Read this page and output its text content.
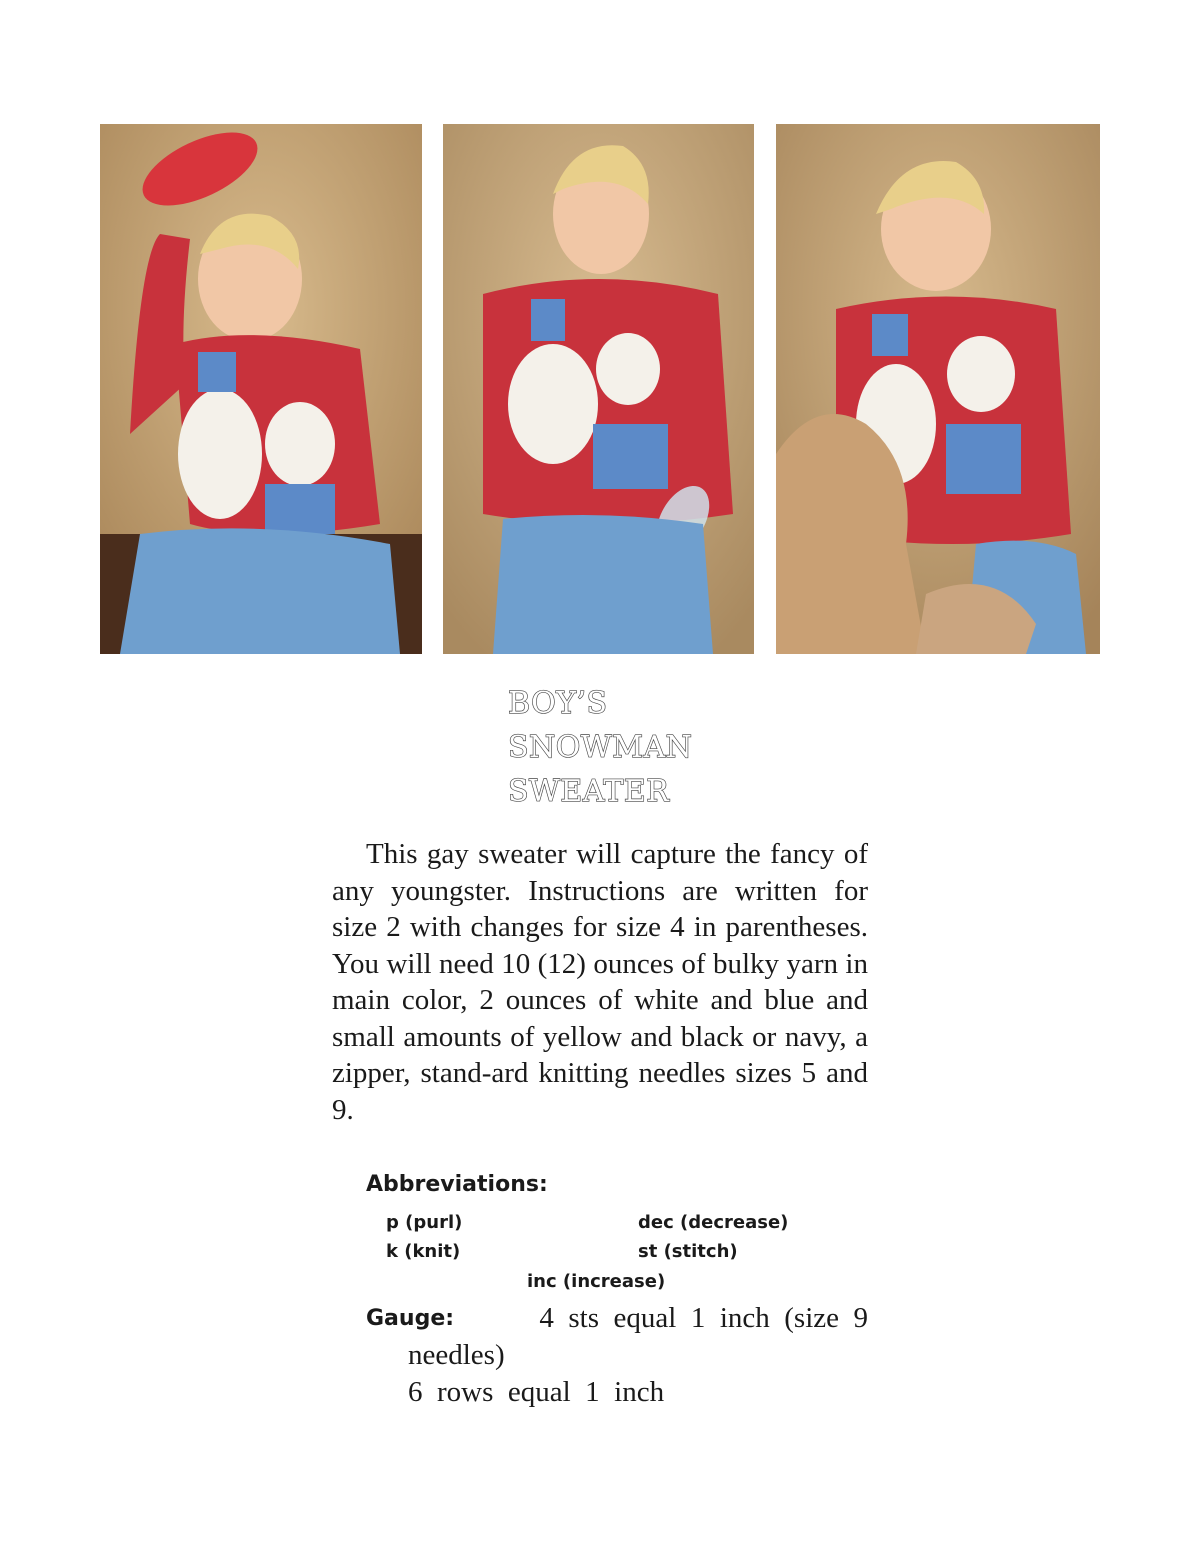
BOY’S
SNOWMAN
SWEATER

This gay sweater will capture the fancy of any youngster. Instructions are written for size 2 with changes for size 4 in parentheses. You will need 10 (12) ounces of bulky yarn in main color, 2 ounces of white and blue and small amounts of yellow and black or navy, a zipper, stand-ard knitting needles sizes 5 and 9.

Abbreviations:
p (purl)
k (knit)
dec (decrease)
st (stitch)
inc (increase)
Gauge:	4  sts  equal  1  inch  (size  9
needles)
6  rows  equal  1  inch
